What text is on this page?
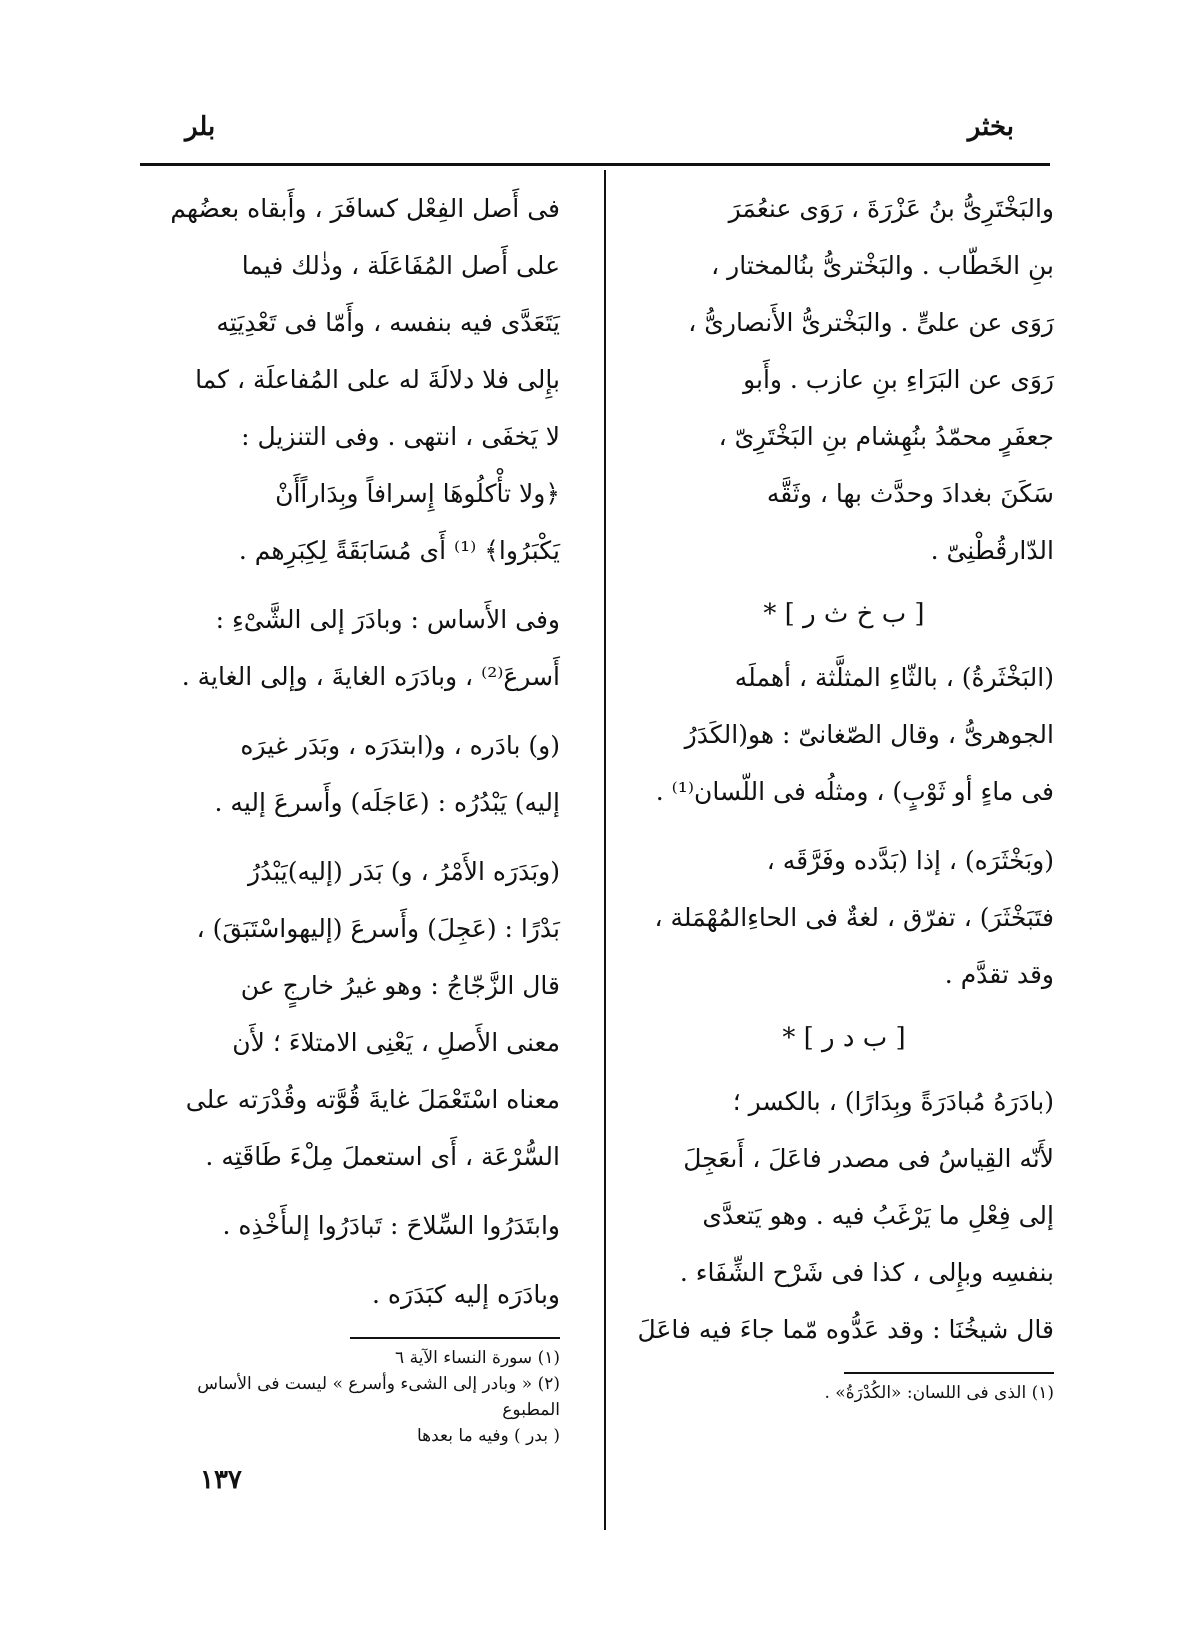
بخثر
بلر

والبَخْتَرِىُّ بنُ عَزْرَةَ ، رَوَى عنعُمَرَ
بنِ الخَطّاب . والبَخْترىُّ بنُالمختار ،
رَوَى عن علىٍّ . والبَخْترىُّ الأَنصارىُّ ،
رَوَى عن البَرَاءِ بنِ عازب . وأَبو
جعفَرٍ محمّدُ بنُهِشام بنِ البَخْتَرِىّ ،
سَكَنَ بغدادَ وحدَّث بها ، وثَقَّه
الدّارقُطْنِىّ .

[ ب خ ث ر ] *

(البَخْثَرةُ) ، بالثّاءِ المثلَّثة ، أهملَه
الجوهرىُّ ، وقال الصّغانىّ : هو(الكَدَرُ
فى ماءٍ أو ثَوْبٍ) ، ومثلُه فى اللّسان⁽¹⁾ .

(وبَخْثَرَه) ، إذا (بَدَّده وفَرَّقَه ،
فتَبَخْثَرَ) ، تفرّق ، لغةٌ فى الحاءِالمُهْمَلة ،
وقد تقدَّم .

[ ب د ر ] *

(بادَرَهُ مُبادَرَةً وبِدَارًا) ، بالكسر ؛
لأَنّه القِياسُ فى مصدر فاعَلَ ، أَىعَجِلَ
إلى فِعْلِ ما يَرْغَبُ فيه . وهو يَتعدَّى
بنفسِه وبإِلى ، كذا فى شَرْح الشِّفَاء .
قال شيخُنَا : وقد عَدُّوه مّما جاءَ فيه فاعَلَ

(١) الذى فى اللسان: «الكُدْرَةُ» .

فى أَصل الفِعْل كسافَرَ ، وأَبقاه بعضُهم
على أَصل المُفَاعَلَة ، وذٰلك فيما
يَتَعَدَّى فيه بنفسه ، وأَمّا فى تَعْدِيَتِه
بإِلى فلا دلالَةَ له على المُفاعلَة ، كما
لا يَخفَى ، انتهى . وفى التنزيل :
﴿ولا تأْكلُوهَا إِسرافاً وبِدَاراًأَنْ
يَكْبَرُوا﴾ ⁽¹⁾ أَى مُسَابَقَةً لِكِبَرِهم .

وفى الأَساس : وبادَرَ إلى الشَّىْءِ :
أَسرعَ⁽²⁾ ، وبادَرَه الغايةَ ، وإلى الغاية .

(و) بادَره ، و(ابتدَرَه ، وبَدَر غيرَه
إليه) يَبْدُرُه : (عَاجَلَه) وأَسرعَ إليه .

(وبَدَرَه الأَمْرُ ، و) بَدَر (إليه)يَبْدُرُ
بَدْرًا : (عَجِلَ) وأَسرعَ (إليهواسْتَبَقَ) ،
قال الزَّجّاجُ : وهو غيرُ خارجٍ عن
معنى الأَصلِ ، يَعْنِى الامتلاءَ ؛ لأَن
معناه اسْتَعْمَلَ غايةَ قُوَّته وقُدْرَته على
السُّرْعَة ، أَى استعملَ مِلْءَ طَاقَتِه .

وابتَدَرُوا السِّلاحَ : تَبادَرُوا إلىأَخْذِه .

وبادَرَه إليه كبَدَرَه .

(١) سورة النساء الآية ٦

(٢) « وبادر إلى الشىء وأسرع » ليست فى الأساس المطبوع
( بدر ) وفيه ما بعدها

١٣٧
